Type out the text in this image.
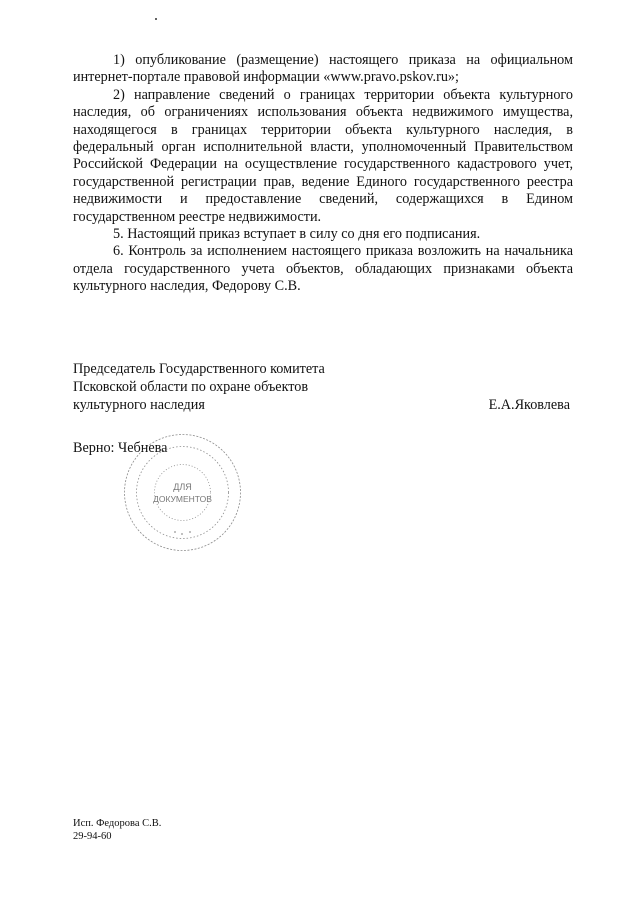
1) опубликование (размещение) настоящего приказа на официальном интернет-портале правовой информации «www.pravo.pskov.ru»;

2) направление сведений о границах территории объекта культурного наследия, об ограничениях использования объекта недвижимого имущества, находящегося в границах территории объекта культурного наследия, в федеральный орган исполнительной власти, уполномоченный Правительством Российской Федерации на осуществление государственного кадастрового учет, государственной регистрации прав, ведение Единого государственного реестра недвижимости и предоставление сведений, содержащихся в Едином государственном реестре недвижимости.

5. Настоящий приказ вступает в силу со дня его подписания.

6. Контроль за исполнением настоящего приказа возложить на начальника отдела государственного учета объектов, обладающих признаками объекта культурного наследия, Федорову С.В.

Председатель Государственного комитета
Псковской области по охране объектов
культурного наследия	Е.А.Яковлева
Верно: Чебнева
ДЛЯ
ДОКУМЕНТОВ
Исп. Федорова С.В.
29-94-60
